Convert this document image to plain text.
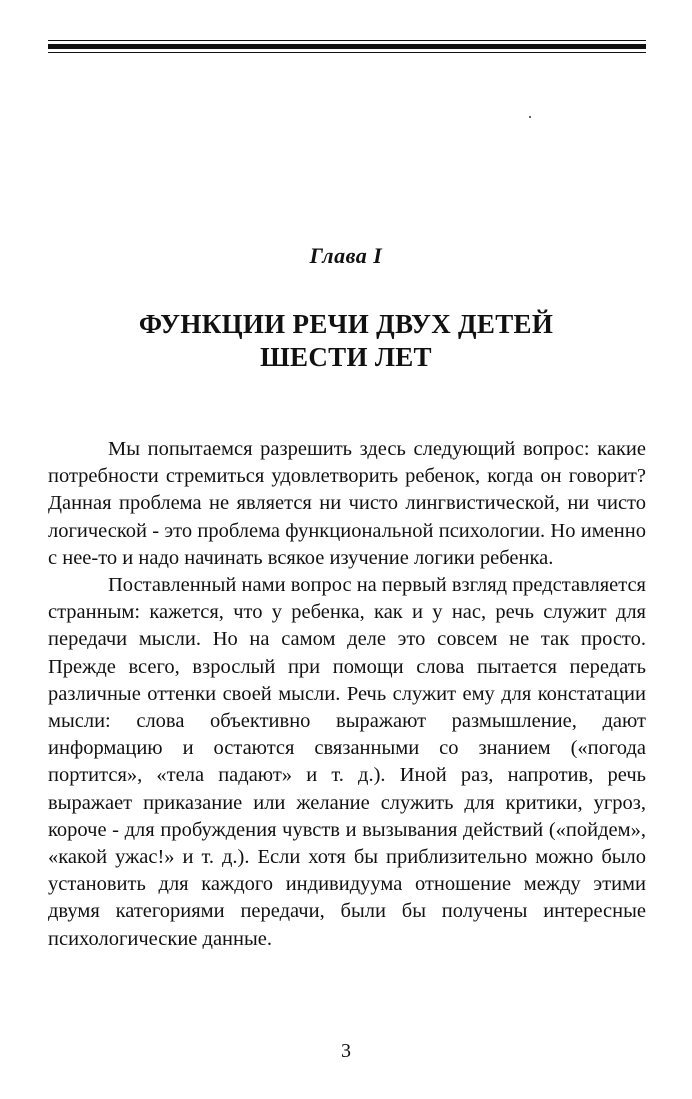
Глава I
ФУНКЦИИ РЕЧИ ДВУХ ДЕТЕЙ
ШЕСТИ ЛЕТ

Мы попытаемся разрешить здесь следующий вопрос: какие потребности стремиться удовлетворить ребенок, когда он говорит? Данная проблема не является ни чисто лингвистической, ни чисто логической - это проблема функциональной психологии. Но именно с нее-то и надо начинать всякое изучение логики ребенка.

Поставленный нами вопрос на первый взгляд представляется странным: кажется, что у ребенка, как и у нас, речь служит для передачи мысли. Но на самом деле это совсем не так просто. Прежде всего, взрослый при помощи слова пытается передать различные оттенки своей мысли. Речь служит ему для констатации мысли: слова объективно выражают размышление, дают информацию и остаются связанными со знанием («погода портится», «тела падают» и т. д.). Иной раз, напротив, речь выражает приказание или желание служить для критики, угроз, короче - для пробуждения чувств и вызывания действий («пойдем», «какой ужас!» и т. д.). Если хотя бы приблизительно можно было установить для каждого индивидуума отношение между этими двумя категориями передачи, были бы получены интересные психологические данные.

3
